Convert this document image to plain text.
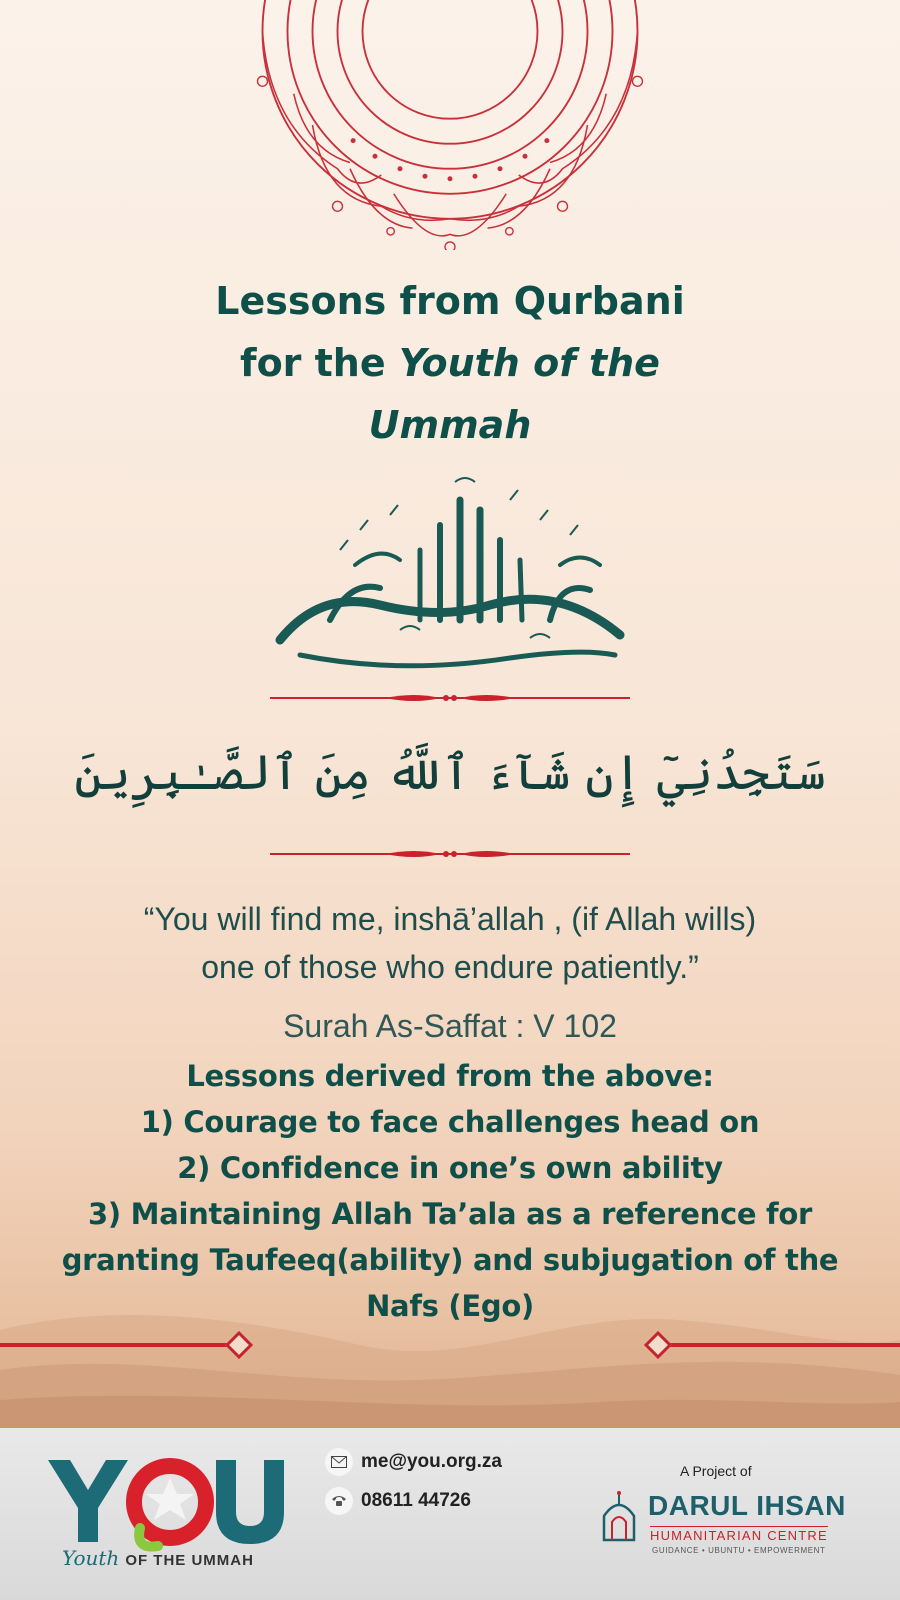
Lessons from Qurbani
for the Youth of the
Ummah
سَتَجِدُنِيٓ إِن شَآءَ ٱللَّهُ مِنَ ٱلصَّـٰبِرِينَ
“You will find me, inshā’allah , (if Allah wills)
one of those who endure patiently.”
Surah As-Saffat : V 102
Lessons derived from the above:
1) Courage to face challenges head on
2) Confidence in one’s own ability
3) Maintaining Allah Ta’ala as a reference for
granting Taufeeq(ability) and subjugation of the
Nafs (Ego)
YOU
Youth OF THE UMMAH
me@you.org.za
08611 44726
A Project of
DARUL IHSAN
HUMANITARIAN CENTRE
GUIDANCE • UBUNTU • EMPOWERMENT
